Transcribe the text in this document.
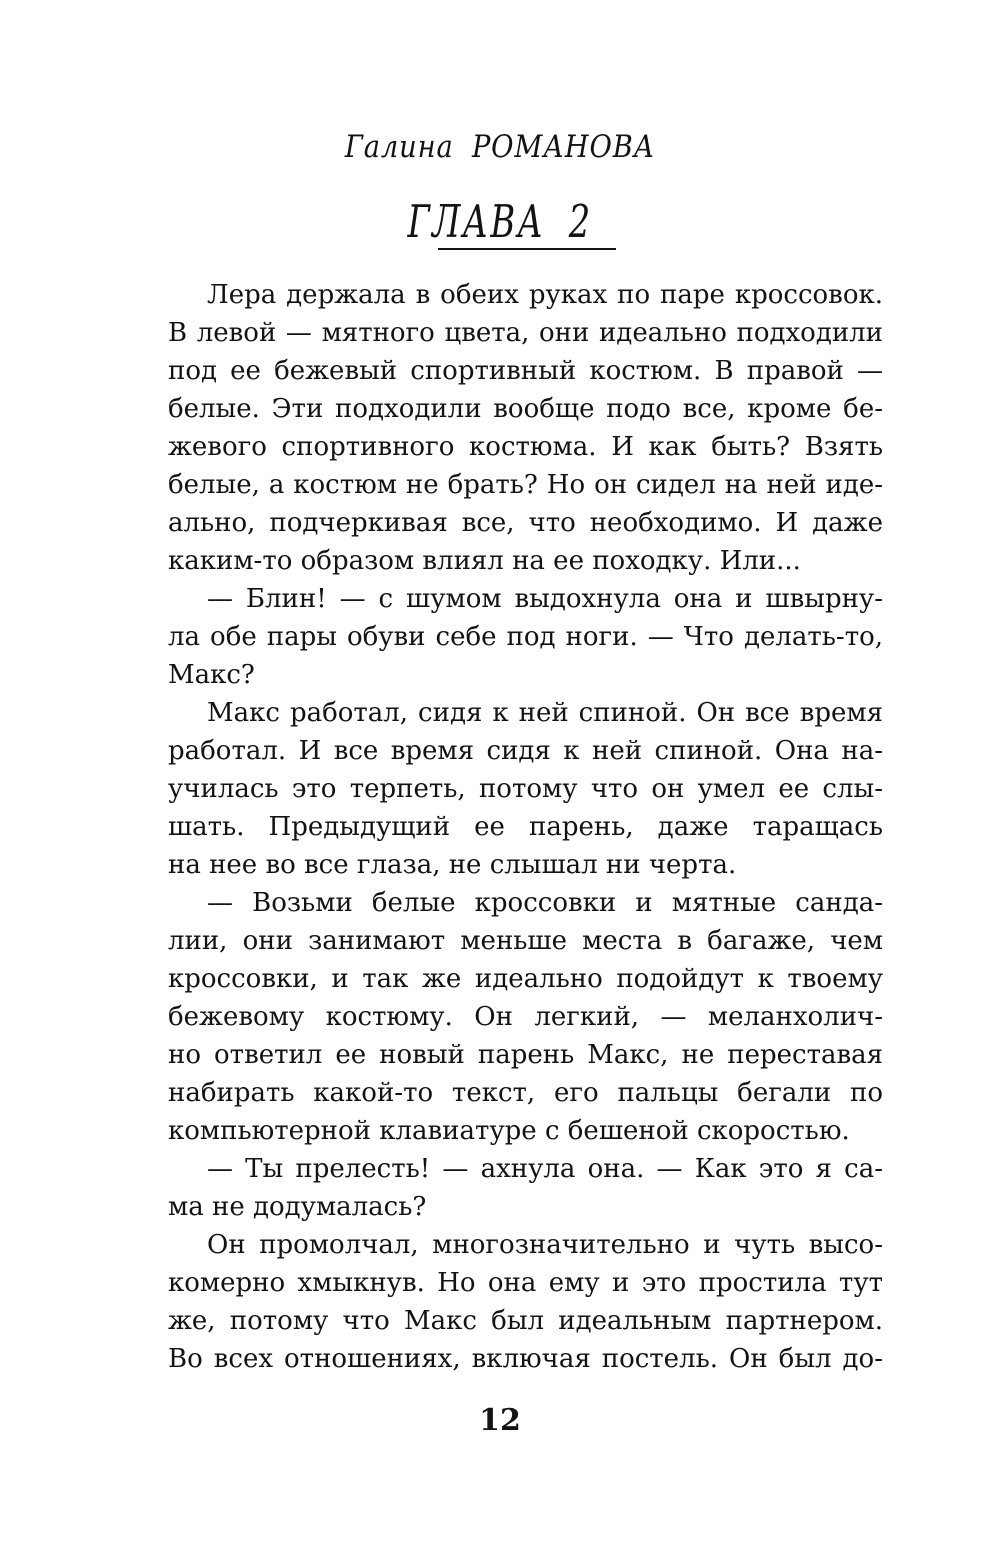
Галина РОМАНОВА
ГЛАВА 2
Лера держала в обеих руках по паре кроссовок.
В левой — мятного цвета, они идеально подходили
под ее бежевый спортивный костюм. В правой —
белые. Эти подходили вообще подо все, кроме бе-
жевого спортивного костюма. И как быть? Взять
белые, а костюм не брать? Но он сидел на ней иде-
ально, подчеркивая все, что необходимо. И даже
каким-то образом влиял на ее походку. Или...
— Блин! — с шумом выдохнула она и швырну-
ла обе пары обуви себе под ноги. — Что делать-то,
Макс?
Макс работал, сидя к ней спиной. Он все время
работал. И все время сидя к ней спиной. Она на-
училась это терпеть, потому что он умел ее слы-
шать. Предыдущий ее парень, даже таращась
на нее во все глаза, не слышал ни черта.
— Возьми белые кроссовки и мятные санда-
лии, они занимают меньше места в багаже, чем
кроссовки, и так же идеально подойдут к твоему
бежевому костюму. Он легкий, — меланхолич-
но ответил ее новый парень Макс, не переставая
набирать какой-то текст, его пальцы бегали по
компьютерной клавиатуре с бешеной скоростью.
— Ты прелесть! — ахнула она. — Как это я са-
ма не додумалась?
Он промолчал, многозначительно и чуть высо-
комерно хмыкнув. Но она ему и это простила тут
же, потому что Макс был идеальным партнером.
Во всех отношениях, включая постель. Он был до-
12
